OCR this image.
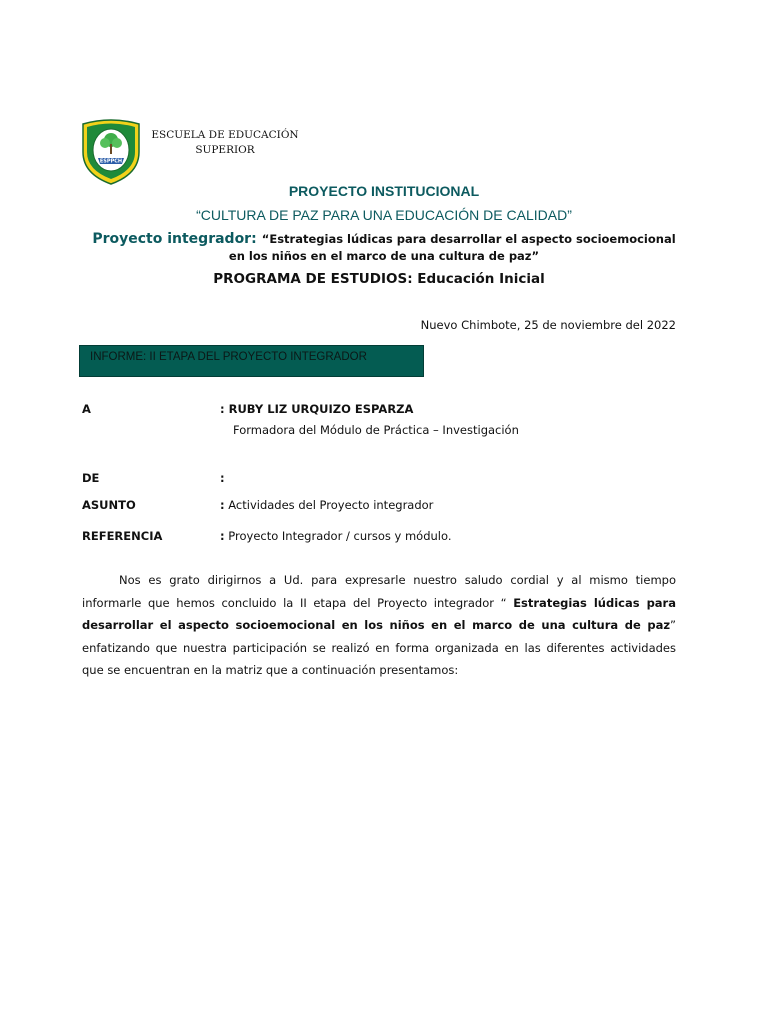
ESPPCH
ESCUELA DE EDUCACIÓN
SUPERIOR
PROYECTO INSTITUCIONAL
“CULTURA DE PAZ PARA UNA EDUCACIÓN DE CALIDAD”
Proyecto integrador: “Estrategias lúdicas para desarrollar el aspecto socioemocional
en los niños en el marco de una cultura de paz”
PROGRAMA DE ESTUDIOS: Educación Inicial
Nuevo Chimbote, 25 de noviembre del 2022
INFORME: II ETAPA DEL PROYECTO INTEGRADOR
A	: RUBY LIZ URQUIZO ESPARZA
Formadora del Módulo de Práctica – Investigación
DE	:
ASUNTO	: Actividades del Proyecto integrador
REFERENCIA	: Proyecto Integrador / cursos y módulo.
Nos es grato dirigirnos a Ud. para expresarle nuestro saludo cordial y al mismo tiempo informarle que hemos concluido la II etapa del Proyecto integrador “ Estrategias lúdicas para desarrollar el aspecto socioemocional en los niños en el marco de una cultura de paz” enfatizando que nuestra participación se realizó en forma organizada en las diferentes actividades que se encuentran en la matriz que a continuación presentamos:
